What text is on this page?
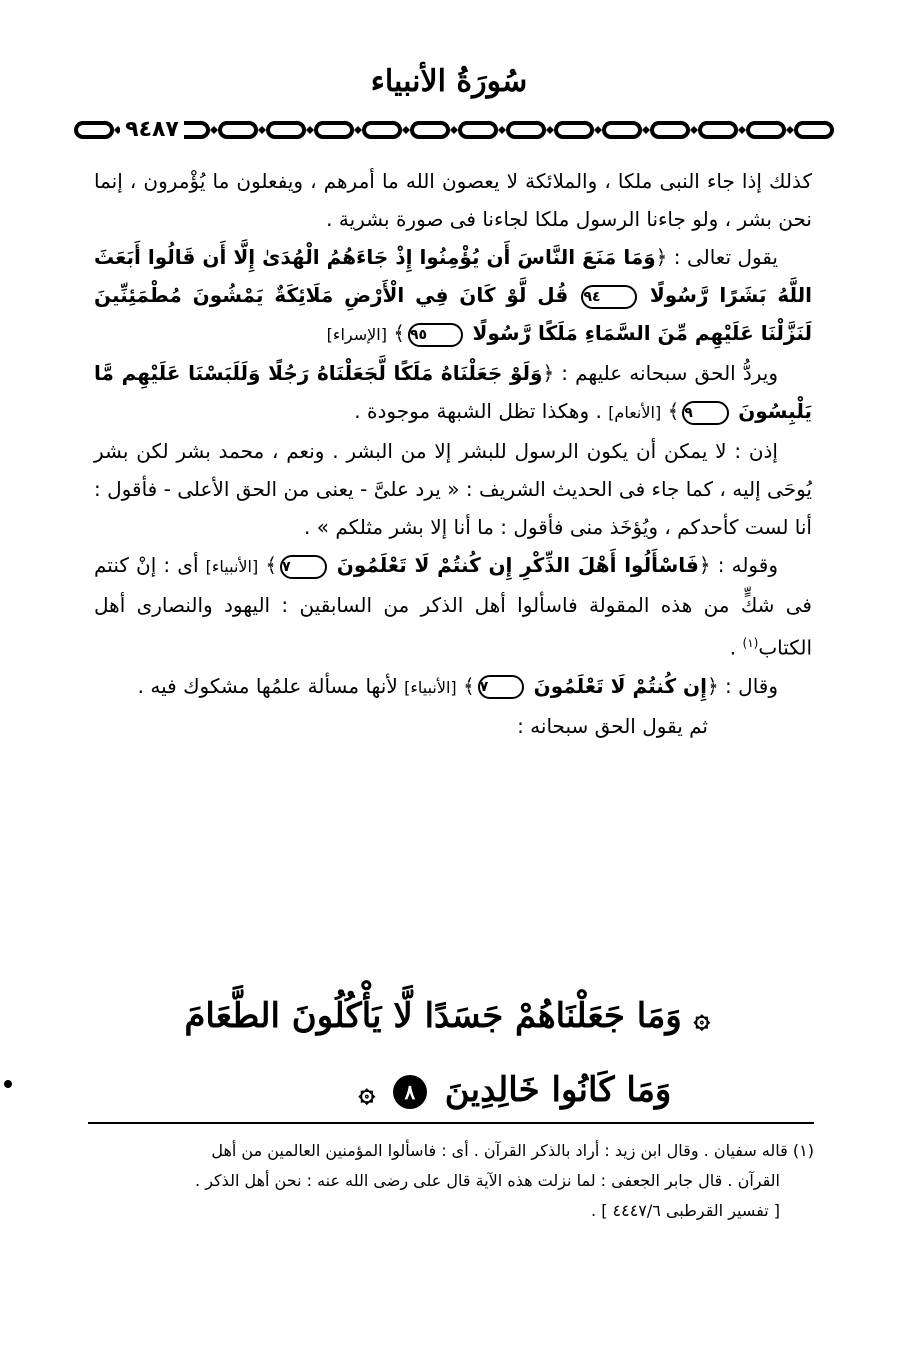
سُورَةُ الأنبياء
٩٤٨٧

كذلك إذا جاء النبى ملكا ، والملائكة لا يعصون الله ما أمرهم ، ويفعلون ما يُؤْمرون ، إنما نحن بشر ، ولو جاءنا الرسول ملكا لجاءنا فى صورة بشرية .

يقول تعالى : ﴿وَمَا مَنَعَ النَّاسَ أَن يُؤْمِنُوا إِذْ جَاءَهُمُ الْهُدَىٰ إِلَّا أَن قَالُوا أَبَعَثَ اللَّهُ بَشَرًا رَّسُولًا ٩٤ قُل لَّوْ كَانَ فِي الْأَرْضِ مَلَائِكَةٌ يَمْشُونَ مُطْمَئِنِّينَ لَنَزَّلْنَا عَلَيْهِم مِّنَ السَّمَاءِ مَلَكًا رَّسُولًا ٩٥﴾ [الإسراء]

ويردُّ الحق سبحانه عليهم : ﴿وَلَوْ جَعَلْنَاهُ مَلَكًا لَّجَعَلْنَاهُ رَجُلًا وَلَلَبَسْنَا عَلَيْهِم مَّا يَلْبِسُونَ ٩﴾ [الأنعام] . وهكذا تظل الشبهة موجودة .

إذن : لا يمكن أن يكون الرسول للبشر إلا من البشر . ونعم ، محمد بشر لكن بشر يُوحَى إليه ، كما جاء فى الحديث الشريف : « يرد علىَّ - يعنى من الحق الأعلى - فأقول : أنا لست كأحدكم ، ويُؤخَذ منى فأقول : ما أنا إلا بشر مثلكم » .

وقوله : ﴿فَاسْأَلُوا أَهْلَ الذِّكْرِ إِن كُنتُمْ لَا تَعْلَمُونَ ٧﴾ [الأنبياء] أى : إنْ كنتم فى شكٍّ من هذه المقولة فاسألوا أهل الذكر من السابقين : اليهود والنصارى أهل الكتاب$^{(١)}$ .

وقال : ﴿إِن كُنتُمْ لَا تَعْلَمُونَ ٧﴾ [الأنبياء] لأنها مسألة علمُها مشكوك فيه .

ثم يقول الحق سبحانه :

۞ وَمَا جَعَلْنَاهُمْ جَسَدًا لَّا يَأْكُلُونَ الطَّعَامَ
وَمَا كَانُوا خَالِدِينَ ٨ ۞

(١) قاله سفيان . وقال ابن زيد : أراد بالذكر القرآن . أى : فاسألوا المؤمنين العالمين من أهل

القرآن . قال جابر الجعفى : لما نزلت هذه الآية قال على رضى الله عنه : نحن أهل الذكر .

[ تفسير القرطبى ٤٤٤٧/٦ ] .
